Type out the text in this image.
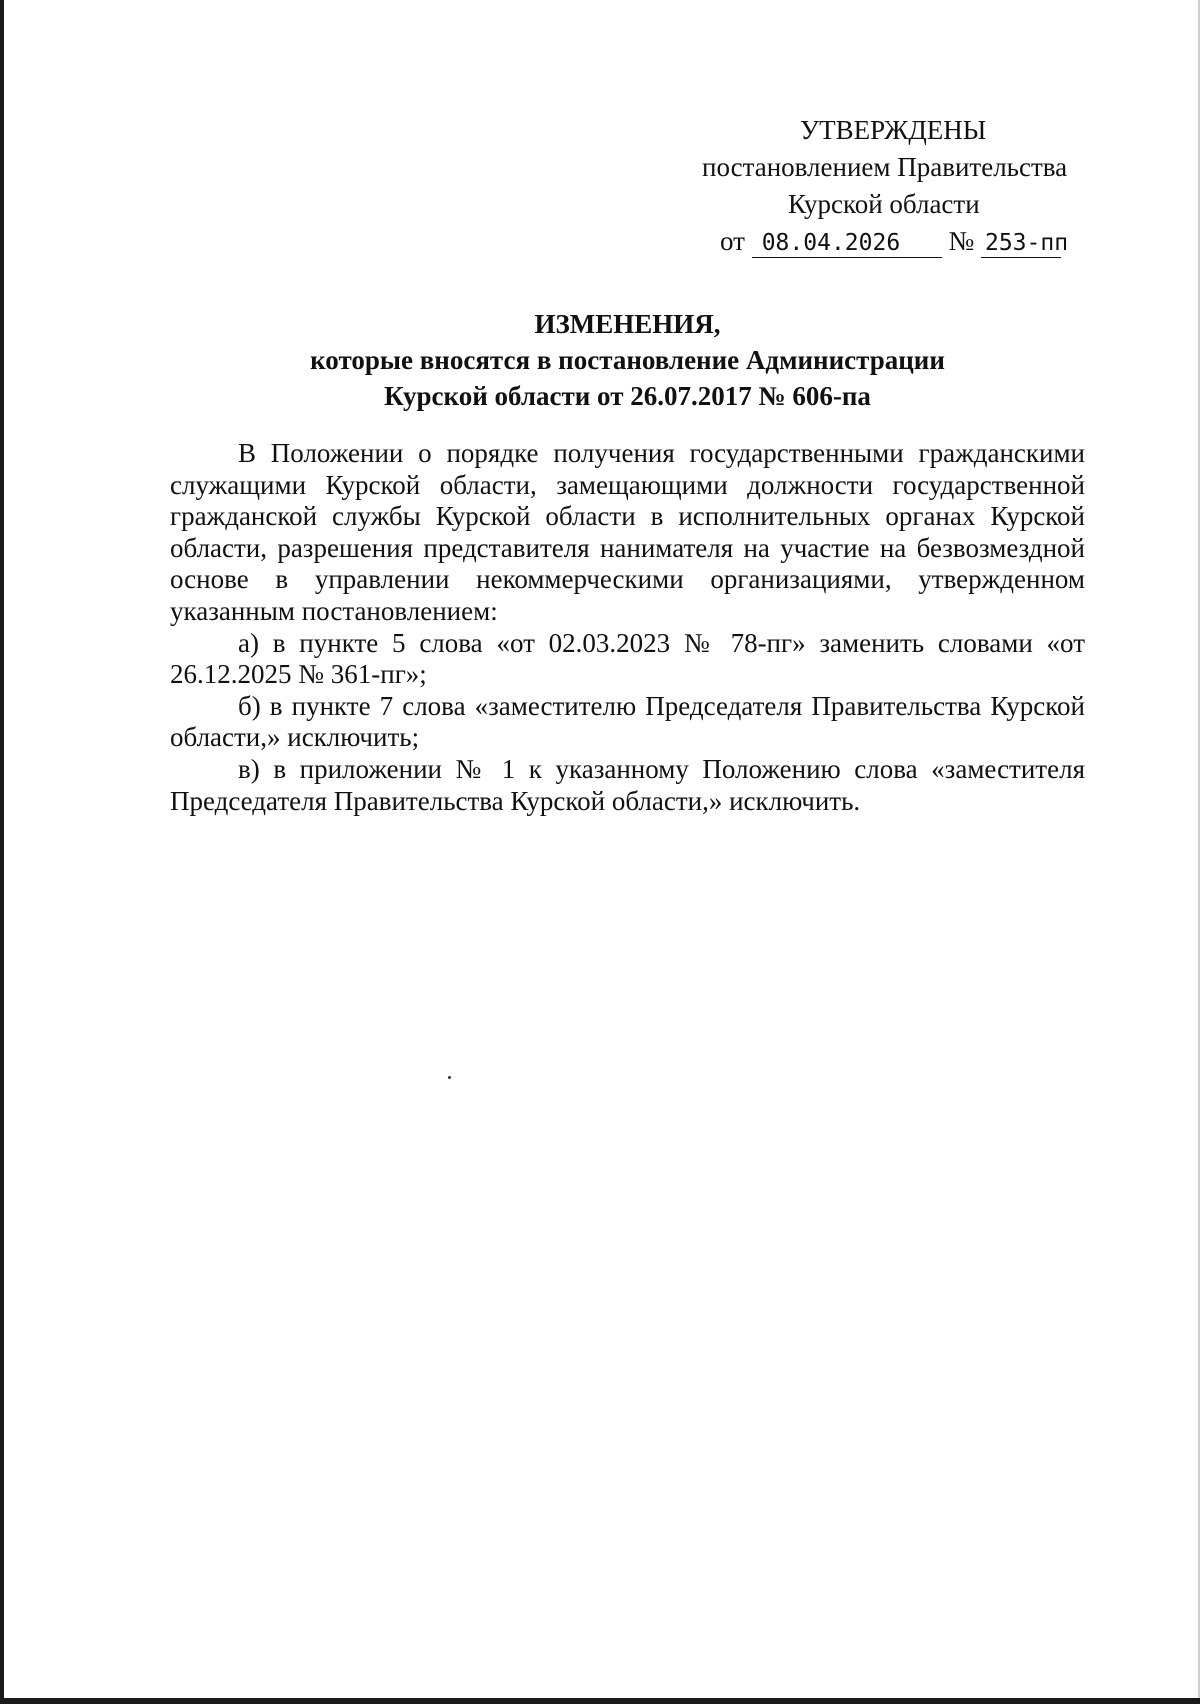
УТВЕРЖДЕНЫ
постановлением Правительства
Курской области
от 08.04.2026 № 253-пп
ИЗМЕНЕНИЯ,
которые вносятся в постановление Администрации
Курской области от 26.07.2017 № 606-па

В Положении о порядке получения государственными гражданскими служащими Курской области, замещающими должности государственной гражданской службы Курской области в исполнительных органах Курской области, разрешения представителя нанимателя на участие на безвозмездной основе в управлении некоммерческими организациями, утвержденном указанным постановлением:

а) в пункте 5 слова «от 02.03.2023 № 78-пг» заменить словами «от 26.12.2025 № 361-пг»;

б) в пункте 7 слова «заместителю Председателя Правительства Курской области,» исключить;

в) в приложении № 1 к указанному Положению слова «заместителя Председателя Правительства Курской области,» исключить.
